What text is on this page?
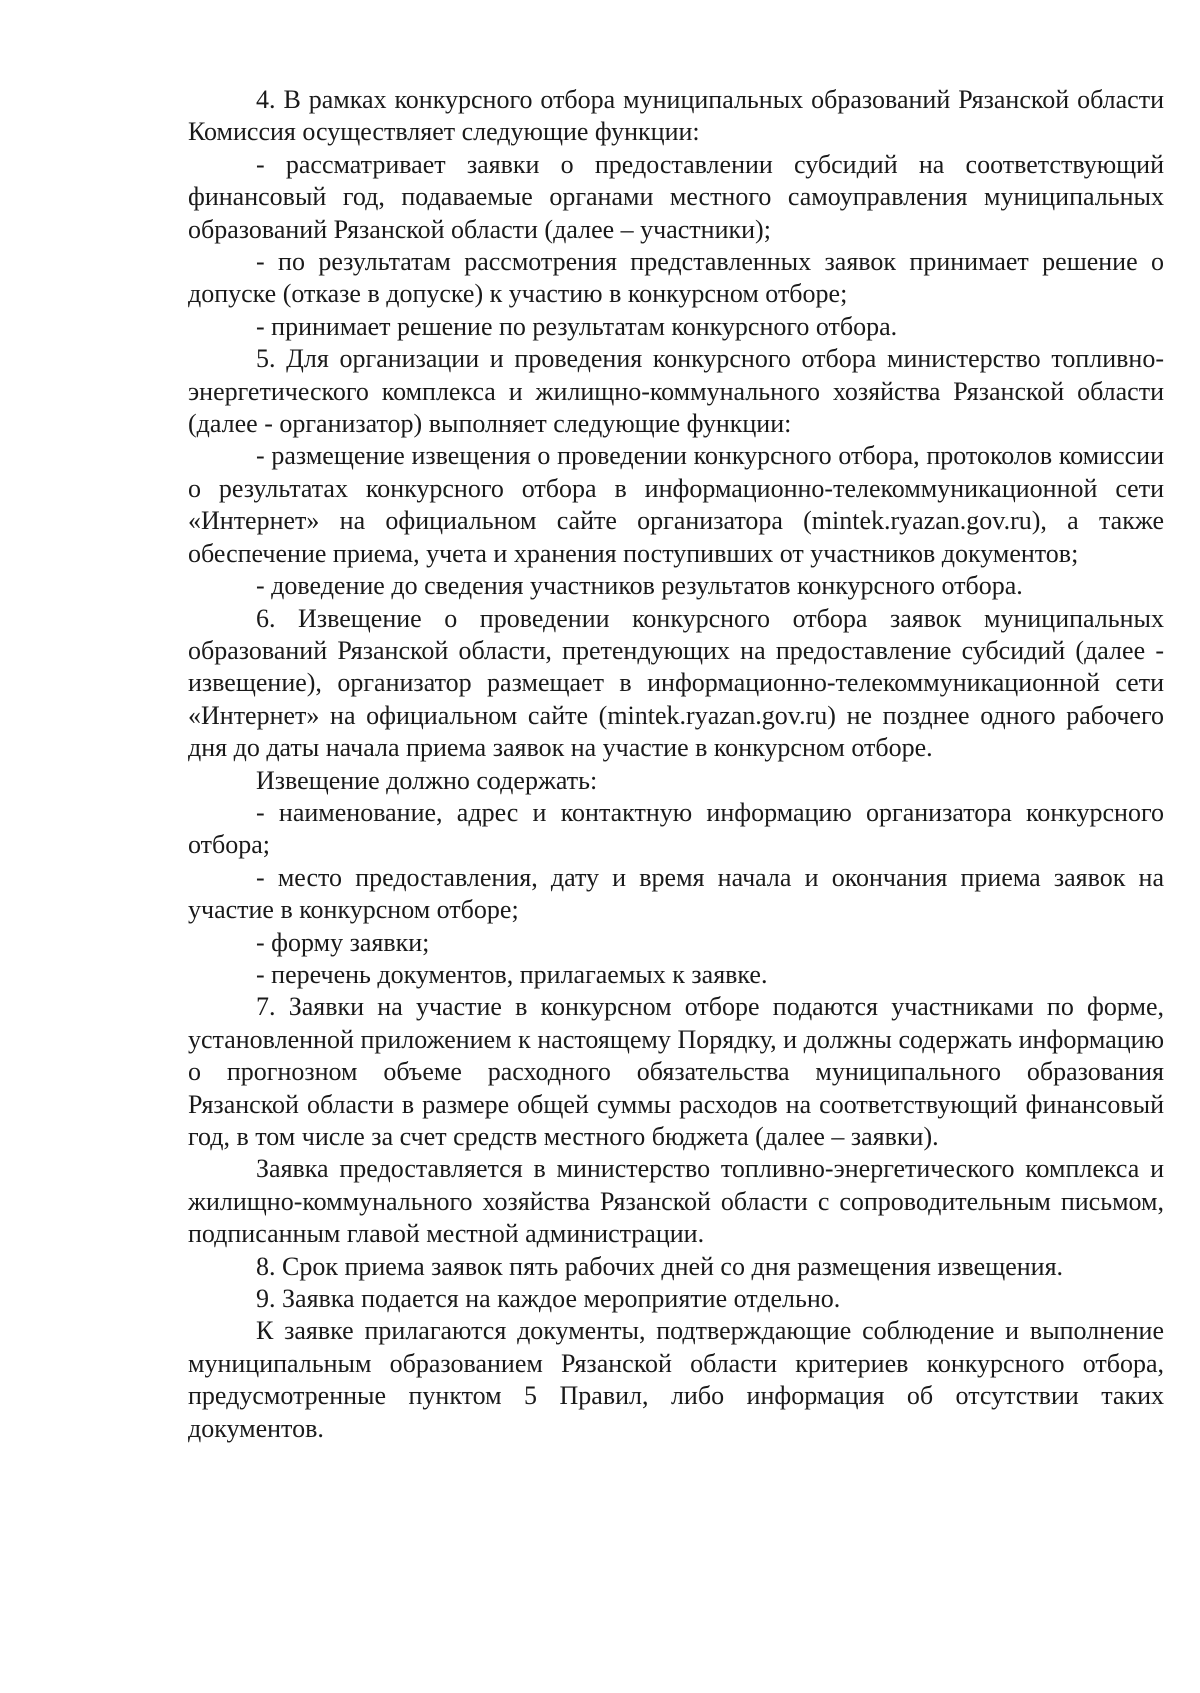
4. В рамках конкурсного отбора муниципальных образований Рязанской области Комиссия осуществляет следующие функции:

- рассматривает заявки о предоставлении субсидий на соответствующий финансовый год, подаваемые органами местного самоуправления муниципальных образований Рязанской области (далее – участники);

- по результатам рассмотрения представленных заявок принимает решение о допуске (отказе в допуске) к участию в конкурсном отборе;

- принимает решение по результатам конкурсного отбора.

5. Для организации и проведения конкурсного отбора министерство топливно-энергетического комплекса и жилищно-коммунального хозяйства Рязанской области (далее - организатор) выполняет следующие функции:

- размещение извещения о проведении конкурсного отбора, протоколов комиссии о результатах конкурсного отбора в информационно-телекоммуникационной сети «Интернет» на официальном сайте организатора (mintek.ryazan.gov.ru), а также обеспечение приема, учета и хранения поступивших от участников документов;

- доведение до сведения участников результатов конкурсного отбора.

6. Извещение о проведении конкурсного отбора заявок муниципальных образований Рязанской области, претендующих на предоставление субсидий (далее - извещение), организатор размещает в информационно-телекоммуникационной сети «Интернет» на официальном сайте (mintek.ryazan.gov.ru) не позднее одного рабочего дня до даты начала приема заявок на участие в конкурсном отборе.

Извещение должно содержать:

- наименование, адрес и контактную информацию организатора конкурсного отбора;

- место предоставления, дату и время начала и окончания приема заявок на участие в конкурсном отборе;

- форму заявки;

- перечень документов, прилагаемых к заявке.

7. Заявки на участие в конкурсном отборе подаются участниками по форме, установленной приложением к настоящему Порядку, и должны содержать информацию о прогнозном объеме расходного обязательства муниципального образования Рязанской области в размере общей суммы расходов на соответствующий финансовый год, в том числе за счет средств местного бюджета (далее – заявки).

Заявка предоставляется в министерство топливно-энергетического комплекса и жилищно-коммунального хозяйства Рязанской области с сопроводительным письмом, подписанным главой местной администрации.

8. Срок приема заявок пять рабочих дней со дня размещения извещения.

9. Заявка подается на каждое мероприятие отдельно.

К заявке прилагаются документы, подтверждающие соблюдение и выполнение муниципальным образованием Рязанской области критериев конкурсного отбора, предусмотренные пунктом 5 Правил, либо информация об отсутствии таких документов.
